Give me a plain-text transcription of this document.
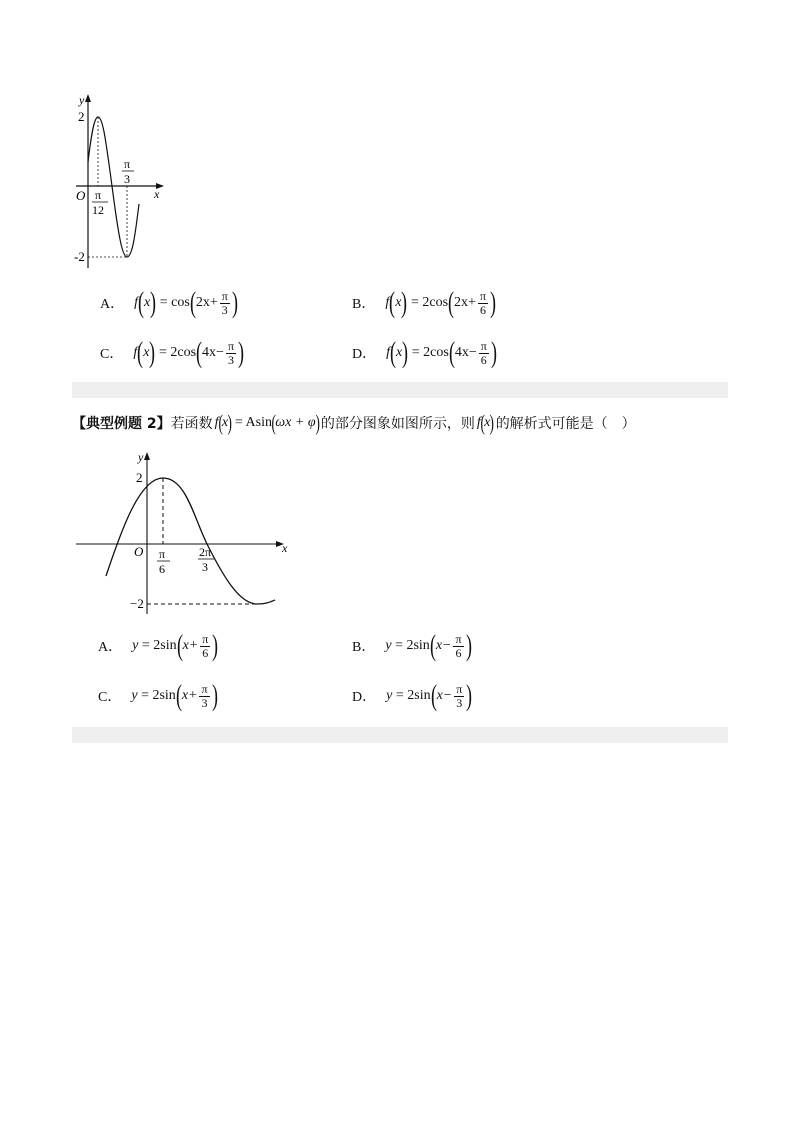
y
x
O
2
-2
π
12
π
3
A． f ( x ) = cos ( $2x+ \frac{\pi}{3}$ )	B． f ( x ) = 2 cos ( $2x+ \frac{\pi}{6}$ )
C． f ( x ) = 2 cos ( $4x- \frac{\pi}{3}$ )	D． f ( x ) = 2 cos ( $4x- \frac{\pi}{6}$ )
【典型例题 2】 若函数 f ( x )
= A sin ( ωx + φ ) 的部分图象如图所示，则 f ( x ) 的解析式可能是（　）
y
x
O
2
−2
π
6
2π
3
A． y = 2 sin ( $x+ \frac{\pi}{6}$ )	B． y = 2 sin ( $x- \frac{\pi}{6}$ )
C． y = 2 sin ( $x+ \frac{\pi}{3}$ )	D． y = 2 sin ( $x- \frac{\pi}{3}$ )
